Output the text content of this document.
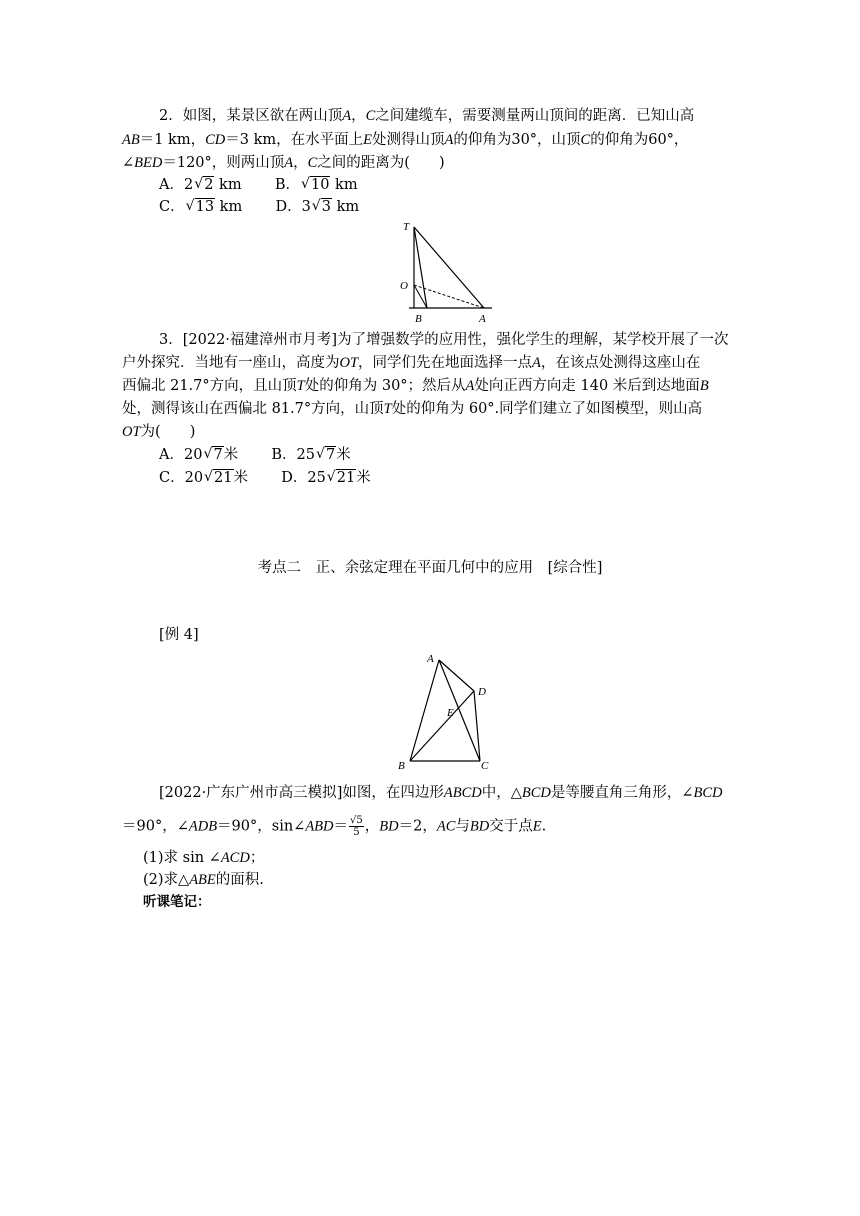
2．如图，某景区欲在两山顶A，C之间建缆车，需要测量两山顶间的距离．已知山高
AB＝1 km，CD＝3 km，在水平面上E处测得山顶A的仰角为30°，山顶C的仰角为60°，
∠BED＝120°，则两山顶A，C之间的距离为(　　)
A．2 √ 2 km B． √ 10 km
C． √ 13 km D．3 √ 3 km
T
O
B	A
3．[2022·福建漳州市月考]为了增强数学的应用性，强化学生的理解，某学校开展了一次
户外探究．当地有一座山，高度为OT，同学们先在地面选择一点A，在该点处测得这座山在
西偏北 21.7°方向，且山顶T处的仰角为 30°；然后从A处向正西方向走 140 米后到达地面B
处，测得该山在西偏北 81.7°方向，山顶T处的仰角为 60°.同学们建立了如图模型，则山高
OT为(　　)
A．20 √ 7米 B．25 √ 7米
C．20 √ 21米 D．25 √ 21米
考点二　正、余弦定理在平面几何中的应用　[综合性]
[例 4]
A
D
E
B	C
[2022·广东广州市高三模拟]如图，在四边形ABCD中，△BCD是等腰直角三角形，∠BCD
＝90°，∠ADB＝90°，sin∠ABD＝ $\frac{√5}{5}$ ，BD＝2，AC与BD交于点E.
(1)求 sin ∠ACD；
(2)求△ABE的面积.
听课笔记：
